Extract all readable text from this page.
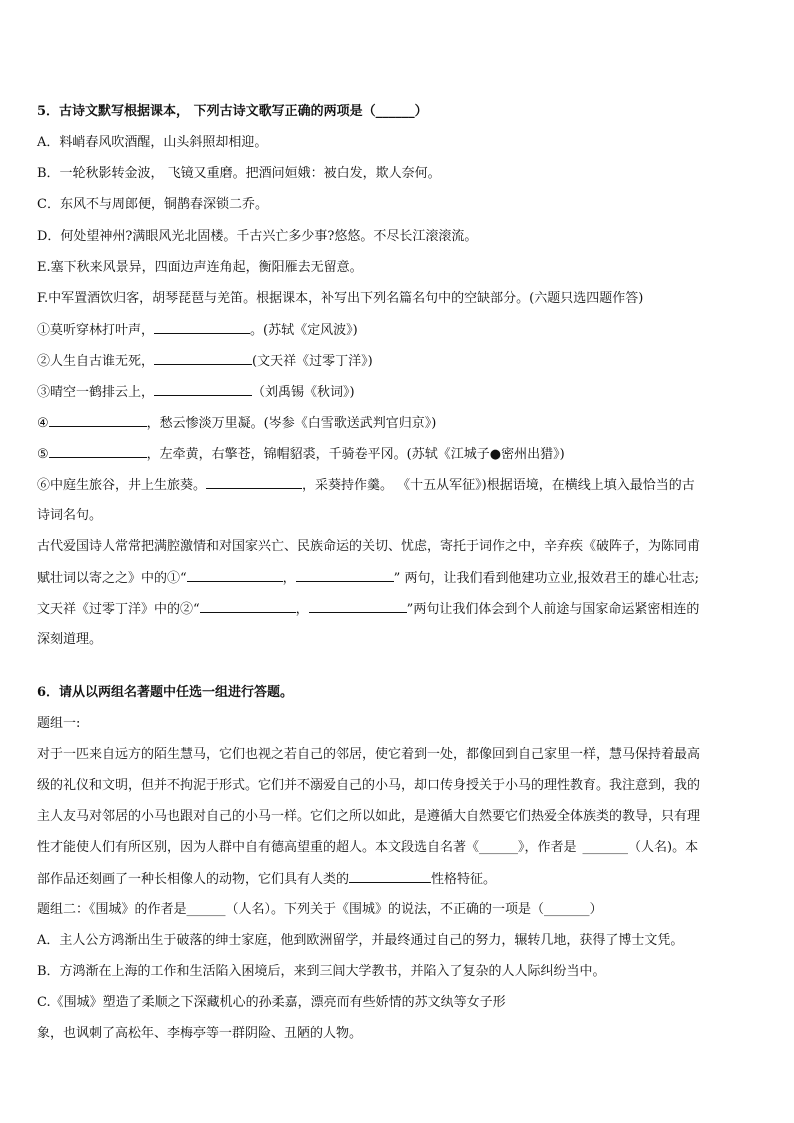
5．古诗文默写根据课本， 下列古诗文歌写正确的两项是（______）
A．料峭春风吹酒醒，山头斜照却相迎。
B．一轮秋影转金波， 飞镜又重磨。把酒问姮娥：被白发，欺人奈何。
C．东风不与周郎便，铜鹊春深锁二乔。
D．何处望神州?满眼风光北固楼。千古兴亡多少事?悠悠。不尽长江滚滚流。
E.塞下秋来风景异，四面边声连角起，衡阳雁去无留意。
F.中军置酒饮归客，胡琴琵琶与羌笛。根据课本，补写出下列名篇名句中的空缺部分。(六题只选四题作答)
①莫听穿林打叶声，	。(苏轼《定风波》)
②人生自古谁无死，	(文天祥《过零丁洋》)
③晴空一鹤排云上，	（刘禹锡《秋词》)
④	，愁云惨淡万里凝。(岑参《白雪歌送武判官归京》)
⑤	，左牵黄，右擎苍，锦帽貂裘，千骑卷平冈。(苏轼《江城子●密州出猎》)
⑥中庭生旅谷，井上生旅葵。	，采葵持作羹。 《十五从军征》)根据语境，在横线上填入最恰当的古
诗词名句。
古代爱国诗人常常把满腔激情和对国家兴亡、民族命运的关切、忧虑，寄托于词作之中，辛弃疾《破阵子，为陈同甫
赋壮词以寄之之》中的①“	，	” 两句，让我们看到他建功立业,报效君王的雄心壮志;
文天祥《过零丁洋》中的②“	，	”两句让我们体会到个人前途与国家命运紧密相连的
深刻道理。
6．请从以两组名著题中任选一组进行答题。
题组一:
对于一匹来自远方的陌生慧马，它们也视之若自己的邻居，使它着到一处，都像回到自己家里一样，慧马保持着最高
级的礼仪和文明，但并不拘泥于形式。它们并不溺爱自己的小马，却口传身授关于小马的理性教育。我注意到，我的
主人友马对邻居的小马也跟对自己的小马一样。它们之所以如此，是遵循大自然要它们热爱全体族类的教导，只有理
性才能使人们有所区别，因为人群中自有德高望重的超人。本文段选自名著《______》，作者是 _______（人名)。本
部作品还刻画了一种长相像人的动物，它们具有人类的	性格特征。
题组二：《围城》的作者是______（人名）。下列关于《围城》的说法，不正确的一项是（_______）
A．主人公方鸿渐出生于破落的绅士家庭，他到欧洲留学，并最终通过自己的努力，辗转几地，获得了博士文凭。
B．方鸿渐在上海的工作和生活陷入困境后，来到三闾大学教书，并陷入了复杂的人人际纠纷当中。
C.《围城》塑造了柔顺之下深藏机心的孙柔嘉，漂亮而有些娇情的苏文纨等女子形
象，也讽刺了高松年、李梅亭等一群阴险、丑陋的人物。
